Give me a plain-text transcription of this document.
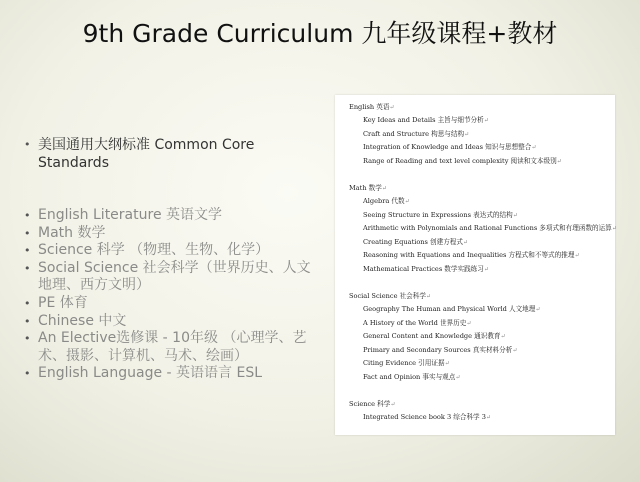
9th Grade Curriculum 九年级课程+教材
• 美国通用大纲标准 Common Core Standards
• English Literature 英语文学
• Math 数学
• Science 科学 （物理、生物、化学）
• Social Science 社会科学（世界历史、人文地理、西方文明）
• PE 体育
• Chinese 中文
• An Elective选修课 - 10年级 （心理学、艺术、摄影、计算机、马术、绘画）
• English Language - 英语语言 ESL

English 英语↵

Key Ideas and Details 主旨与细节分析↵

Craft and Structure 构思与结构↵

Integration of Knowledge and Ideas 知识与思想整合↵

Range of Reading and text level complexity 阅读和文本级别↵

Math 数学↵

Algebra 代数↵

Seeing Structure in Expressions 表达式的结构↵

Arithmetic with Polynomials and Rational Functions 多项式和有理函数的运算↵

Creating Equations 创建方程式↵

Reasoning with Equations and Inequalities 方程式和不等式的推理↵

Mathematical Practices 数学实践练习↵

Social Science 社会科学↵

Geography The Human and Physical World 人文地理↵

A History of the World 世界历史↵

General Content and Knowledge 通识教育↵

Primary and Secondary Sources 真实材料分析↵

Citing Evidence 引用证据↵

Fact and Opinion 事实与观点↵

Science 科学↵

Integrated Science book 3 综合科学 3↵
